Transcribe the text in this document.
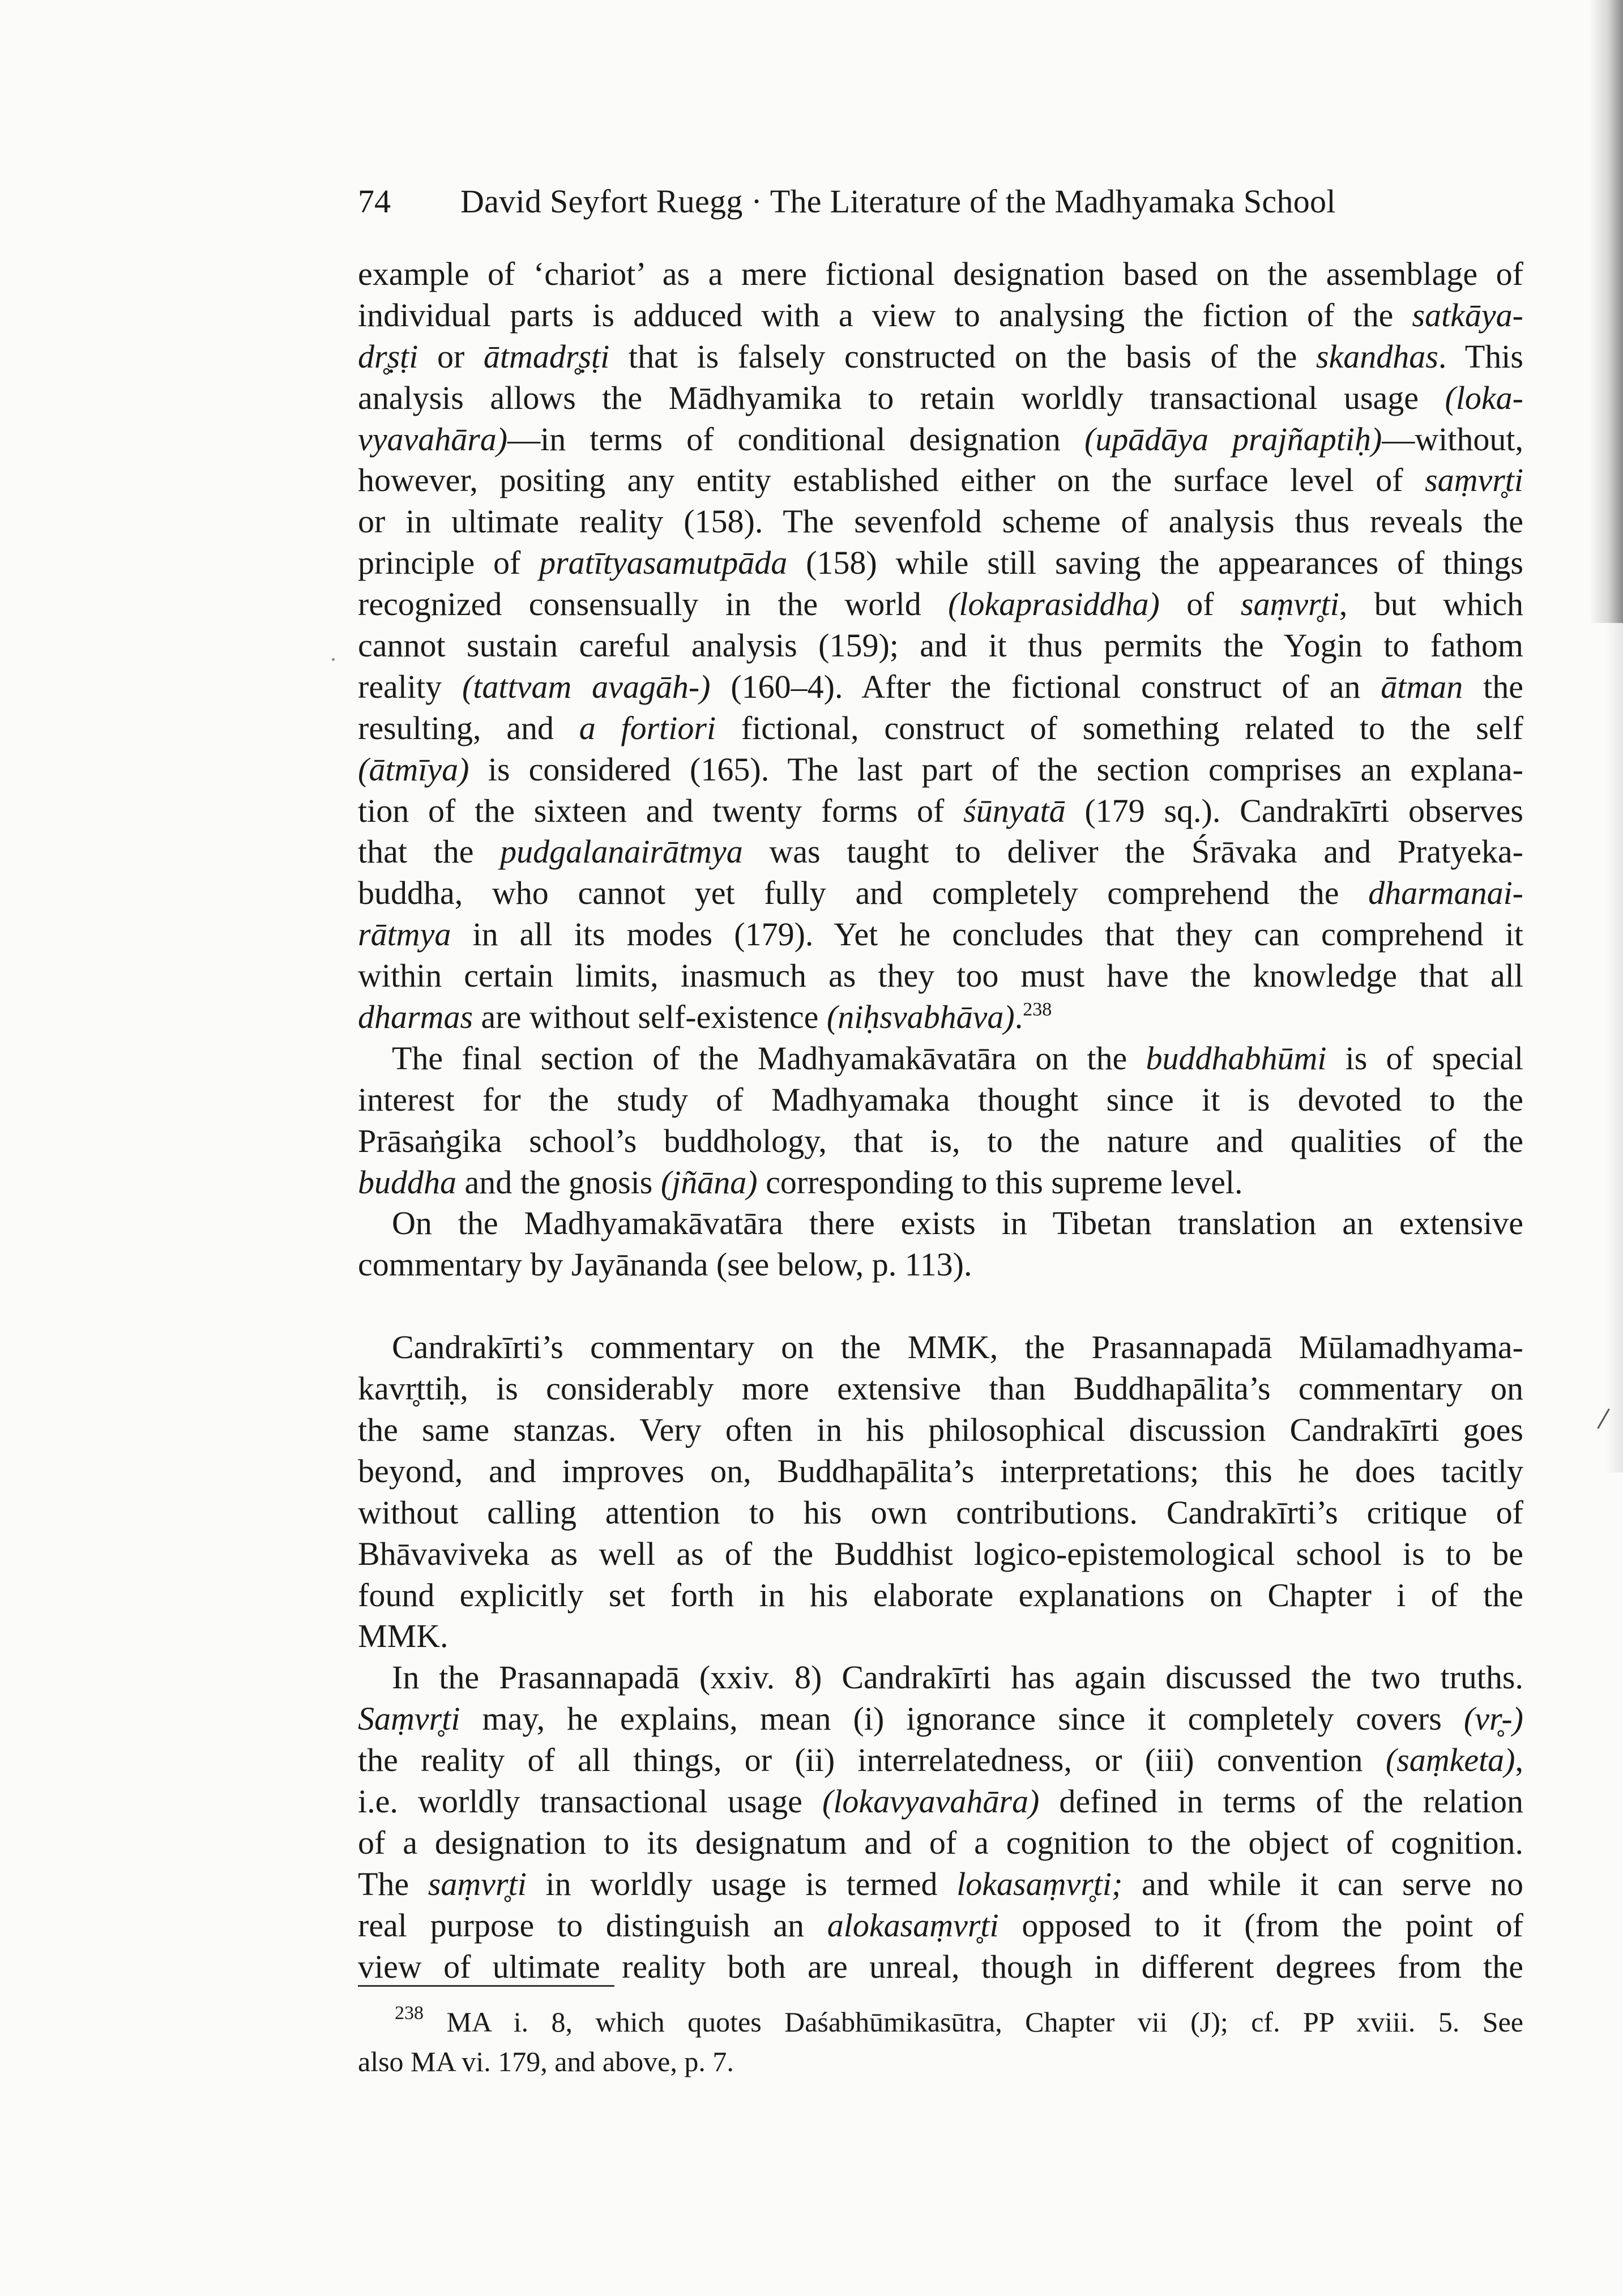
74 David Seyfort Ruegg · The Literature of the Madhyamaka School
example of ‘chariot’ as a mere fictional designation based on the assemblage of
individual parts is adduced with a view to analysing the fiction of the satkāya-
dr̥ṣṭi or ātmadr̥ṣṭi that is falsely constructed on the basis of the skandhas. This
analysis allows the Mādhyamika to retain worldly transactional usage (loka-
vyavahāra)—in terms of conditional designation (upādāya prajñaptiḥ)—without,
however, positing any entity established either on the surface level of saṃvr̥ti
or in ultimate reality (158). The sevenfold scheme of analysis thus reveals the
principle of pratītyasamutpāda (158) while still saving the appearances of things
recognized consensually in the world (lokaprasiddha) of saṃvr̥ti, but which
cannot sustain careful analysis (159); and it thus permits the Yogin to fathom
reality (tattvam avagāh-) (160–4). After the fictional construct of an ātman the
resulting, and a fortiori fictional, construct of something related to the self
(ātmīya) is considered (165). The last part of the section comprises an explana-
tion of the sixteen and twenty forms of śūnyatā (179 sq.). Candrakīrti observes
that the pudgalanairātmya was taught to deliver the Śrāvaka and Pratyeka-
buddha, who cannot yet fully and completely comprehend the dharmanai-
rātmya in all its modes (179). Yet he concludes that they can comprehend it
within certain limits, inasmuch as they too must have the knowledge that all
dharmas are without self-existence (niḥsvabhāva).$^{238}$
The final section of the Madhyamakāvatāra on the buddhabhūmi is of special
interest for the study of Madhyamaka thought since it is devoted to the
Prāsaṅgika school’s buddhology, that is, to the nature and qualities of the
buddha and the gnosis (jñāna) corresponding to this supreme level.
On the Madhyamakāvatāra there exists in Tibetan translation an extensive
commentary by Jayānanda (see below, p. 113).

Candrakīrti’s commentary on the MMK, the Prasannapadā Mūlamadhyama-
kavr̥ttiḥ, is considerably more extensive than Buddhapālita’s commentary on
the same stanzas. Very often in his philosophical discussion Candrakīrti goes
beyond, and improves on, Buddhapālita’s interpretations; this he does tacitly
without calling attention to his own contributions. Candrakīrti’s critique of
Bhāvaviveka as well as of the Buddhist logico-epistemological school is to be
found explicitly set forth in his elaborate explanations on Chapter i of the
MMK.
In the Prasannapadā (xxiv. 8) Candrakīrti has again discussed the two truths.
Saṃvr̥ti may, he explains, mean (i) ignorance since it completely covers (vr̥-)
the reality of all things, or (ii) interrelatedness, or (iii) convention (saṃketa),
i.e. worldly transactional usage (lokavyavahāra) defined in terms of the relation
of a designation to its designatum and of a cognition to the object of cognition.
The saṃvr̥ti in worldly usage is termed lokasaṃvr̥ti; and while it can serve no
real purpose to distinguish an alokasaṃvr̥ti opposed to it (from the point of
view of ultimate reality both are unreal, though in different degrees from the
$^{238}$ MA i. 8, which quotes Daśabhūmikasūtra, Chapter vii (J); cf. PP xviii. 5. See
also MA vi. 179, and above, p. 7.
